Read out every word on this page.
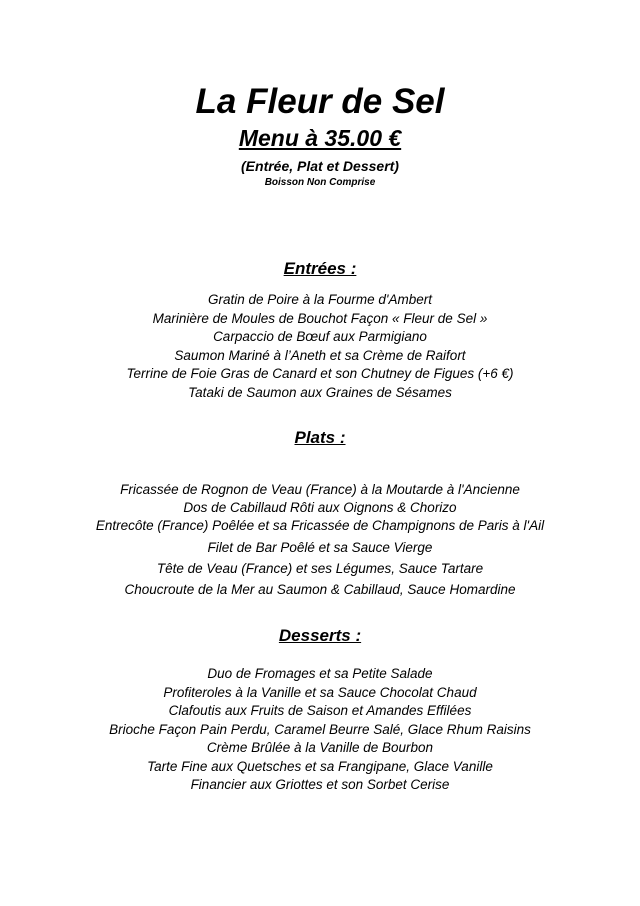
La Fleur de Sel
Menu à 35.00 €
(Entrée, Plat et Dessert)
Boisson Non Comprise
Entrées :
Gratin de Poire à la Fourme d'Ambert
Marinière de Moules de Bouchot Façon « Fleur de Sel »
Carpaccio de Bœuf aux Parmigiano
Saumon Mariné à l’Aneth et sa Crème de Raifort
Terrine de Foie Gras de Canard et son Chutney de Figues (+6 €)
Tataki de Saumon aux Graines de Sésames
Plats :
Fricassée de Rognon de Veau (France) à la Moutarde à l'Ancienne
Dos de Cabillaud Rôti aux Oignons & Chorizo
Entrecôte (France) Poêlée et sa Fricassée de Champignons de Paris à l'Ail
Filet de Bar Poêlé et sa Sauce Vierge
Tête de Veau (France) et ses Légumes, Sauce Tartare
Choucroute de la Mer au Saumon & Cabillaud, Sauce Homardine
Desserts :
Duo de Fromages et sa Petite Salade
Profiteroles à la Vanille et sa Sauce Chocolat Chaud
Clafoutis aux Fruits de Saison et Amandes Effilées
Brioche Façon Pain Perdu, Caramel Beurre Salé, Glace Rhum Raisins
Crème Brûlée à la Vanille de Bourbon
Tarte Fine aux Quetsches et sa Frangipane, Glace Vanille
Financier aux Griottes et son Sorbet Cerise
